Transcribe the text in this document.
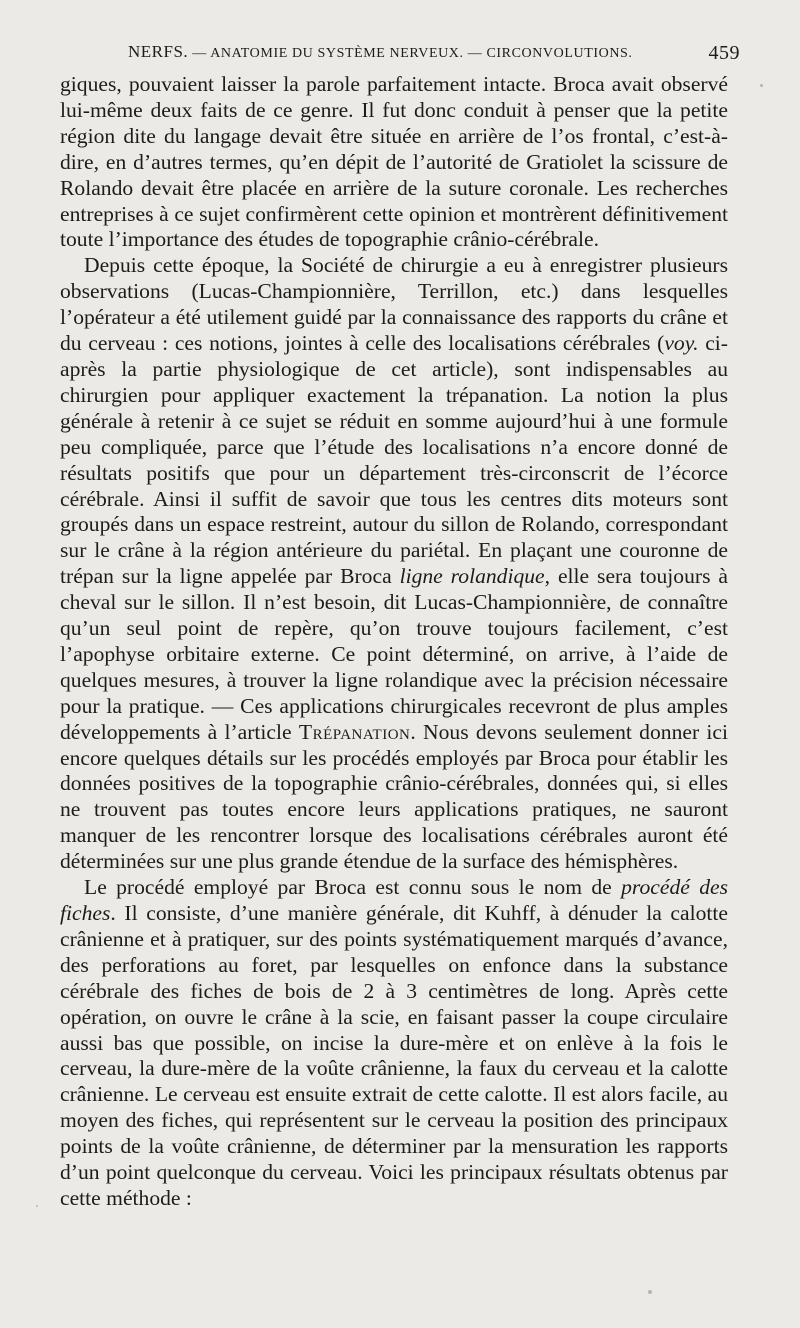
NERFS. — ANATOMIE DU SYSTÈME NERVEUX. — CIRCONVOLUTIONS.	459

giques, pouvaient laisser la parole parfaitement intacte. Broca avait observé lui-même deux faits de ce genre. Il fut donc conduit à penser que la petite région dite du langage devait être située en arrière de l’os frontal, c’est-à-dire, en d’autres termes, qu’en dépit de l’autorité de Gratiolet la scissure de Rolando devait être placée en arrière de la suture coronale. Les recherches entreprises à ce sujet confirmèrent cette opinion et montrèrent définitivement toute l’importance des études de topographie crânio-cérébrale.

Depuis cette époque, la Société de chirurgie a eu à enregistrer plusieurs observations (Lucas-Championnière, Terrillon, etc.) dans lesquelles l’opérateur a été utilement guidé par la connaissance des rapports du crâne et du cerveau : ces notions, jointes à celle des localisations cérébrales (voy. ci-après la partie physiologique de cet article), sont indispensables au chirurgien pour appliquer exactement la trépanation. La notion la plus générale à retenir à ce sujet se réduit en somme aujourd’hui à une formule peu compliquée, parce que l’étude des localisations n’a encore donné de résultats positifs que pour un département très-circonscrit de l’écorce cérébrale. Ainsi il suffit de savoir que tous les centres dits moteurs sont groupés dans un espace restreint, autour du sillon de Rolando, correspondant sur le crâne à la région antérieure du pariétal. En plaçant une couronne de trépan sur la ligne appelée par Broca ligne rolandique, elle sera toujours à cheval sur le sillon. Il n’est besoin, dit Lucas-Championnière, de connaître qu’un seul point de repère, qu’on trouve toujours facilement, c’est l’apophyse orbitaire externe. Ce point déterminé, on arrive, à l’aide de quelques mesures, à trouver la ligne rolandique avec la précision nécessaire pour la pratique. — Ces applications chirurgicales recevront de plus amples développements à l’article Trépanation. Nous devons seulement donner ici encore quelques détails sur les procédés employés par Broca pour établir les données positives de la topographie crânio-cérébrales, données qui, si elles ne trouvent pas toutes encore leurs applications pratiques, ne sauront manquer de les rencontrer lorsque des localisations cérébrales auront été déterminées sur une plus grande étendue de la surface des hémisphères.

Le procédé employé par Broca est connu sous le nom de procédé des fiches. Il consiste, d’une manière générale, dit Kuhff, à dénuder la calotte crânienne et à pratiquer, sur des points systématiquement marqués d’avance, des perforations au foret, par lesquelles on enfonce dans la substance cérébrale des fiches de bois de 2 à 3 centimètres de long. Après cette opération, on ouvre le crâne à la scie, en faisant passer la coupe circulaire aussi bas que possible, on incise la dure-mère et on enlève à la fois le cerveau, la dure-mère de la voûte crânienne, la faux du cerveau et la calotte crânienne. Le cerveau est ensuite extrait de cette calotte. Il est alors facile, au moyen des fiches, qui représentent sur le cerveau la position des principaux points de la voûte crânienne, de déterminer par la mensuration les rapports d’un point quelconque du cerveau. Voici les principaux résultats obtenus par cette méthode :
